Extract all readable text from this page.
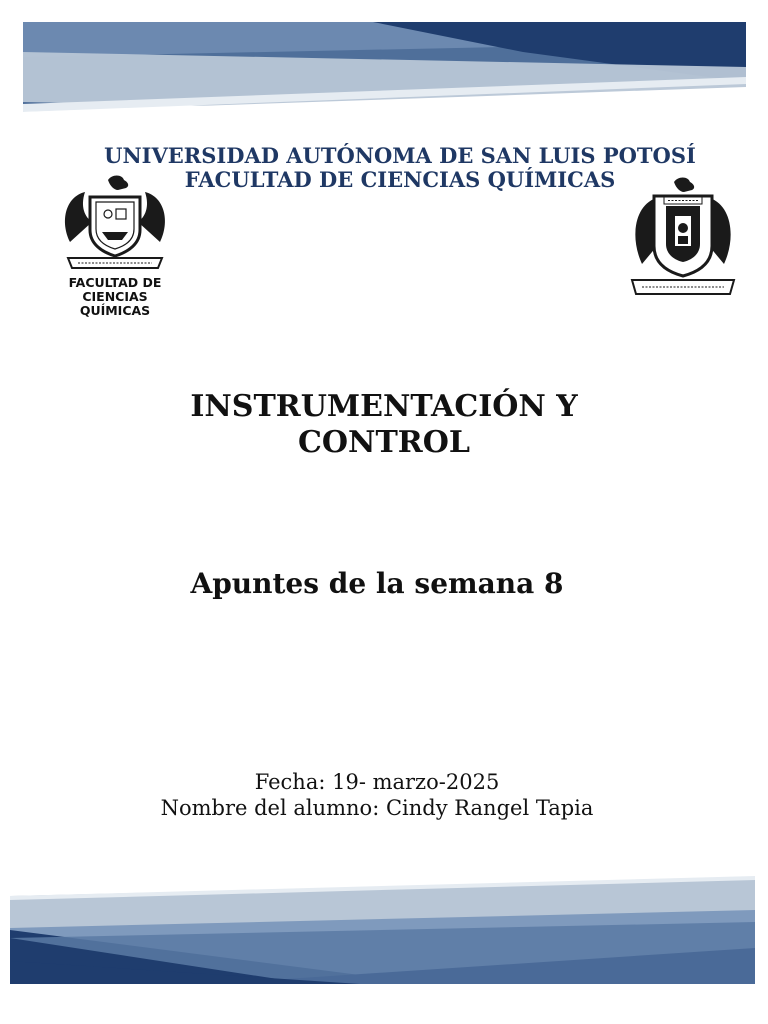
UNIVERSIDAD AUTÓNOMA DE SAN LUIS POTOSÍ
FACULTAD DE CIENCIAS QUÍMICAS
FACULTAD DE
CIENCIAS QUÍMICAS
INSTRUMENTACIÓN Y
CONTROL
Apuntes de la semana 8
Fecha: 19- marzo-2025
Nombre del alumno: Cindy Rangel Tapia
